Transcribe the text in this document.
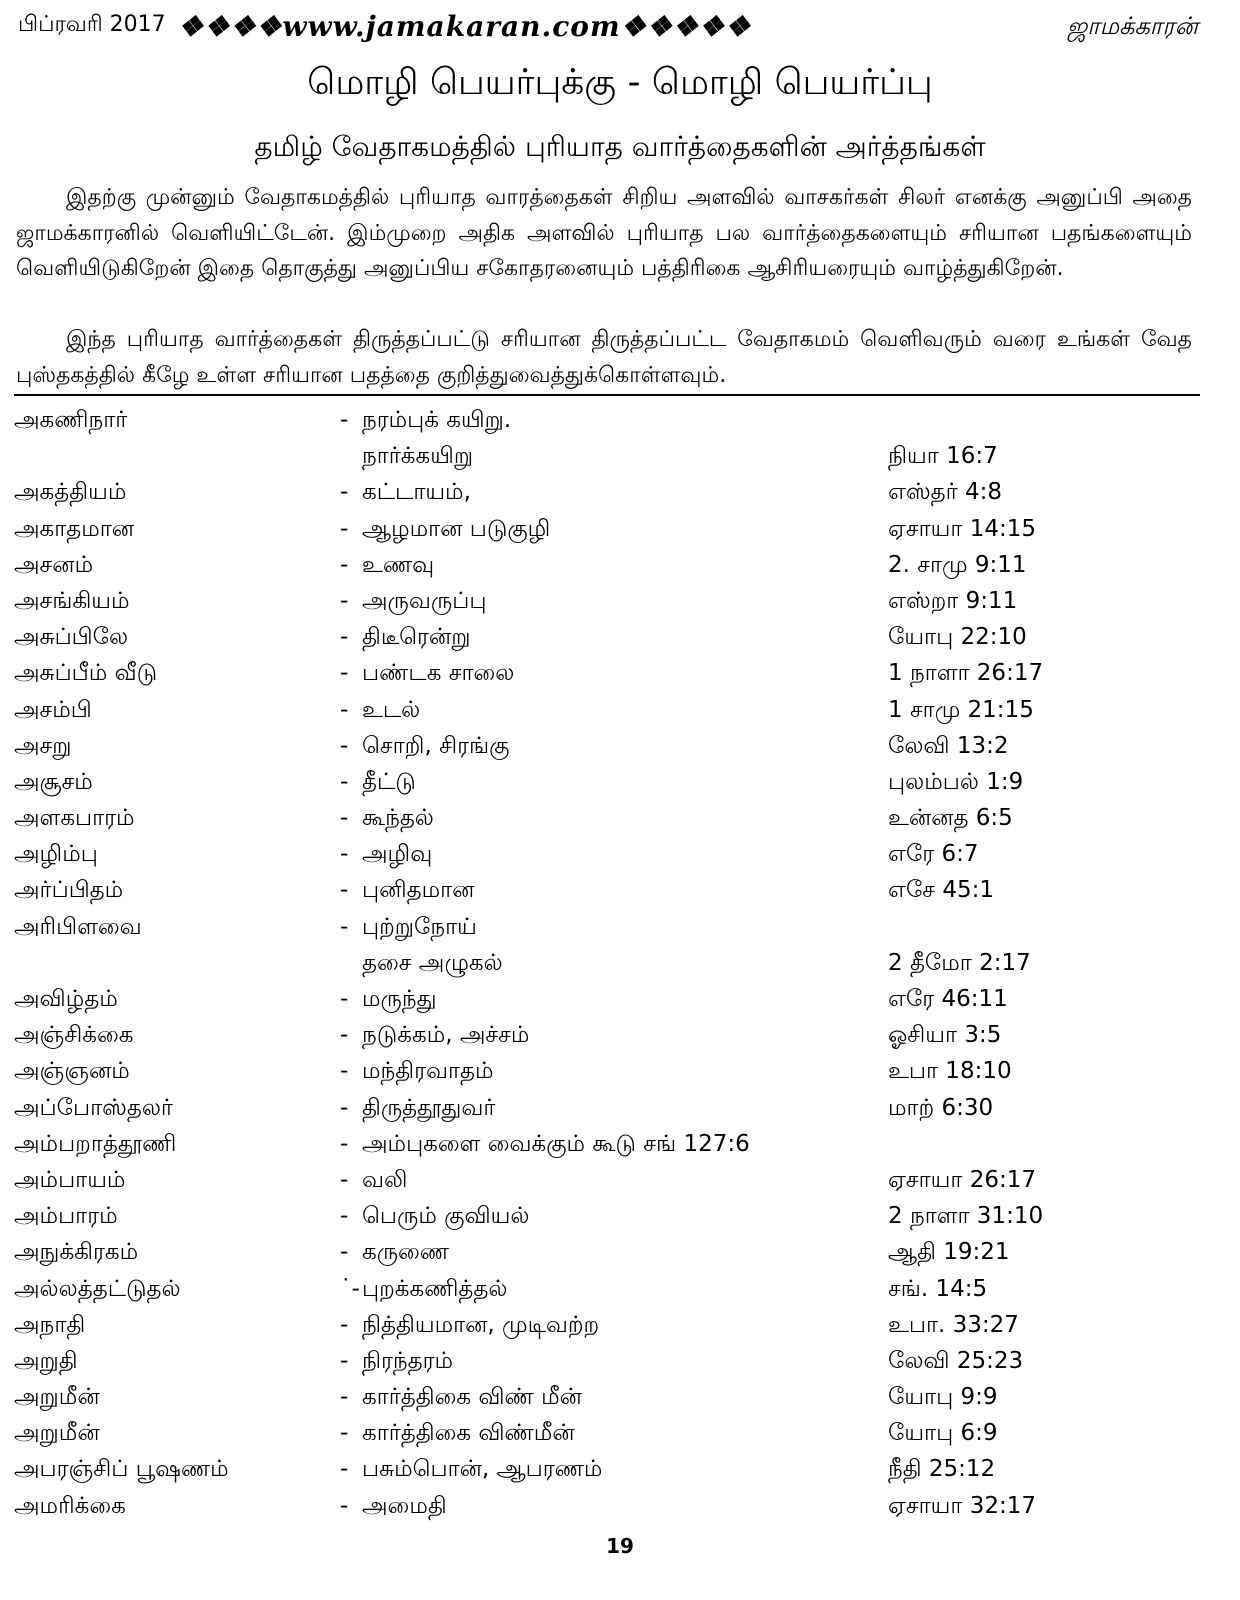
பிப்ரவரி 2017 ❖❖❖❖www.jamakaran.com❖❖❖❖❖	ஜாமக்காரன்
மொழி பெயர்புக்கு - மொழி பெயர்ப்பு
தமிழ் வேதாகமத்தில் புரியாத வார்த்தைகளின் அர்த்தங்கள்
இதற்கு முன்னும் வேதாகமத்தில் புரியாத வாரத்தைகள் சிறிய அளவில் வாசகர்கள் சிலர் எனக்கு அனுப்பி அதை ஜாமக்காரனில் வெளியிட்டேன். இம்முறை அதிக அளவில் புரியாத பல வார்த்தைகளையும் சரியான பதங்களையும் வெளியிடுகிறேன் இதை தொகுத்து அனுப்பிய சகோதரனையும் பத்திரிகை ஆசிரியரையும் வாழ்த்துகிறேன்.
இந்த புரியாத வார்த்தைகள் திருத்தப்பட்டு சரியான திருத்தப்பட்ட வேதாகமம் வெளிவரும் வரை உங்கள் வேத புஸ்தகத்தில் கீழே உள்ள சரியான பதத்தை குறித்துவைத்துக்கொள்ளவும்.
அகணிநார்	- நரம்புக் கயிறு.
நார்க்கயிறு	நியா 16:7
அகத்தியம்	- கட்டாயம்,	எஸ்தர் 4:8
அகாதமான	- ஆழமான படுகுழி	ஏசாயா 14:15
அசனம்	- உணவு	2. சாமு 9:11
அசங்கியம்	- அருவருப்பு	எஸ்றா 9:11
அசுப்பிலே	- திடீரென்று	யோபு 22:10
அசுப்பீம் வீடு	- பண்டக சாலை	1 நாளா 26:17
அசம்பி	- உடல்	1 சாமு 21:15
அசறு	- சொறி, சிரங்கு	லேவி 13:2
அசூசம்	- தீட்டு	புலம்பல் 1:9
அளகபாரம்	- கூந்தல்	உன்னத 6:5
அழிம்பு	- அழிவு	எரே 6:7
அர்ப்பிதம்	- புனிதமான	எசே 45:1
அரிபிளவை	- புற்றுநோய்
தசை அழுகல்	2 தீமோ 2:17
அவிழ்தம்	- மருந்து	எரே 46:11
அஞ்சிக்கை	- நடுக்கம், அச்சம்	ஓசியா 3:5
அஞ்ஞனம்	- மந்திரவாதம்	உபா 18:10
அப்போஸ்தலர்	- திருத்தூதுவர்	மாற் 6:30
அம்பறாத்தூணி	- அம்புகளை வைக்கும் கூடு சங் 127:6
அம்பாயம்	- வலி	ஏசாயா 26:17
அம்பாரம்	- பெரும் குவியல்	2 நாளா 31:10
அநுக்கிரகம்	- கருணை	ஆதி 19:21
அல்லத்தட்டுதல்	˙- புறக்கணித்தல்	சங். 14:5
அநாதி	- நித்தியமான, முடிவற்ற	உபா. 33:27
அறுதி	- நிரந்தரம்	லேவி 25:23
அறுமீன்	- கார்த்திகை விண் மீன்	யோபு 9:9
அறுமீன்	- கார்த்திகை விண்மீன்	யோபு 6:9
அபரஞ்சிப் பூஷணம்	- பசும்பொன், ஆபரணம்	நீதி 25:12
அமரிக்கை	- அமைதி	ஏசாயா 32:17
19
